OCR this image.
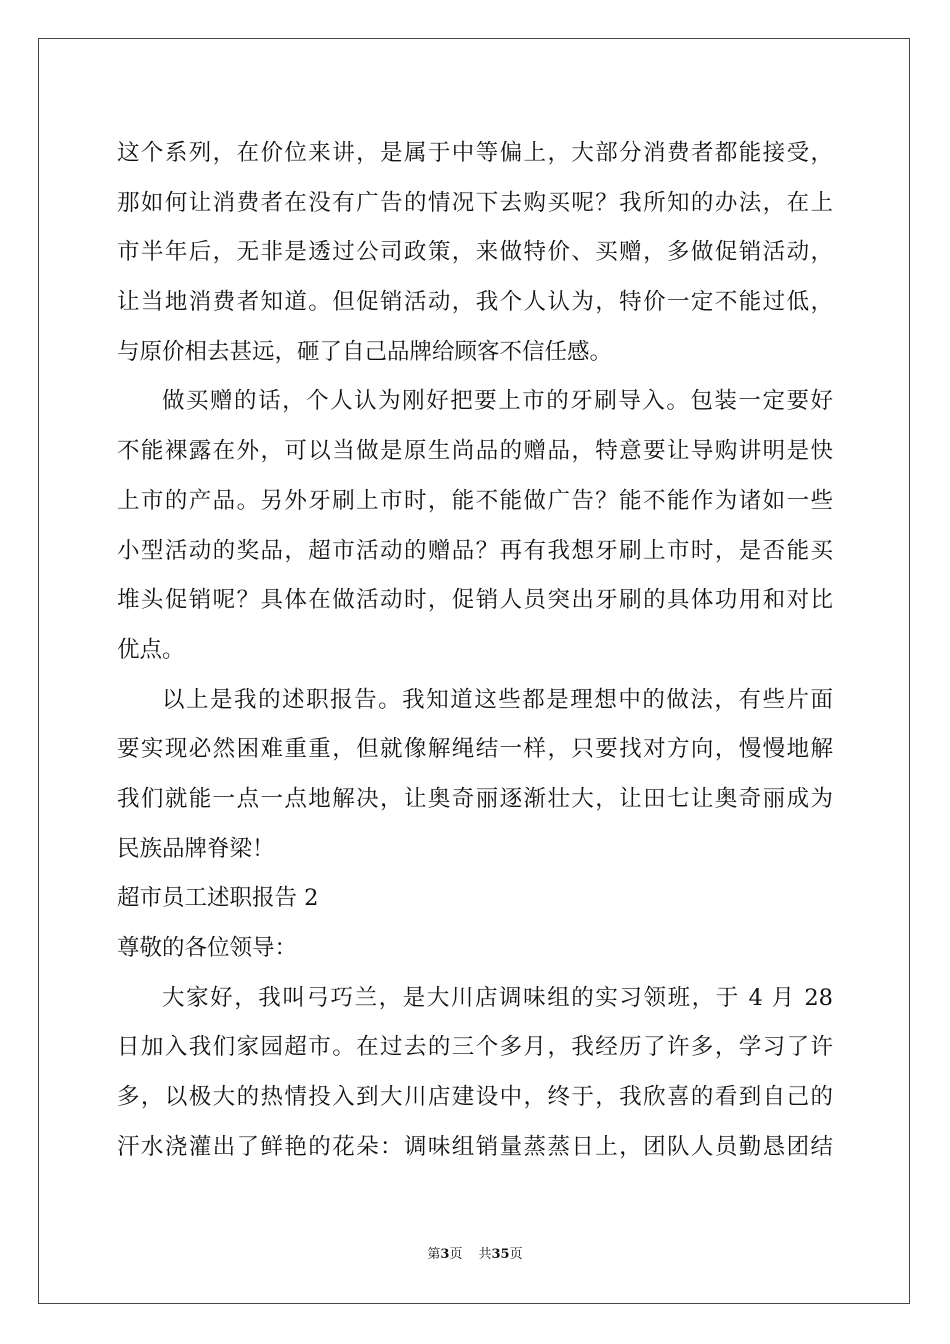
这个系列，在价位来讲，是属于中等偏上，大部分消费者都能接受，
那如何让消费者在没有广告的情况下去购买呢？我所知的办法，在上
市半年后，无非是透过公司政策，来做特价、买赠，多做促销活动，
让当地消费者知道。但促销活动，我个人认为，特价一定不能过低，
与原价相去甚远，砸了自己品牌给顾客不信任感。
做买赠的话，个人认为刚好把要上市的牙刷导入。包装一定要好
不能裸露在外，可以当做是原生尚品的赠品，特意要让导购讲明是快
上市的产品。另外牙刷上市时，能不能做广告？能不能作为诸如一些
小型活动的奖品，超市活动的赠品？再有我想牙刷上市时，是否能买
堆头促销呢？具体在做活动时，促销人员突出牙刷的具体功用和对比
优点。
以上是我的述职报告。我知道这些都是理想中的做法，有些片面
要实现必然困难重重，但就像解绳结一样，只要找对方向，慢慢地解
我们就能一点一点地解决，让奥奇丽逐渐壮大，让田七让奥奇丽成为
民族品牌脊梁！
超市员工述职报告 2
尊敬的各位领导：
大家好，我叫弓巧兰，是大川店调味组的实习领班，于 4 月 28
日加入我们家园超市。在过去的三个多月，我经历了许多，学习了许
多，以极大的热情投入到大川店建设中，终于，我欣喜的看到自己的
汗水浇灌出了鲜艳的花朵：调味组销量蒸蒸日上，团队人员勤恳团结
第3页 共35页
